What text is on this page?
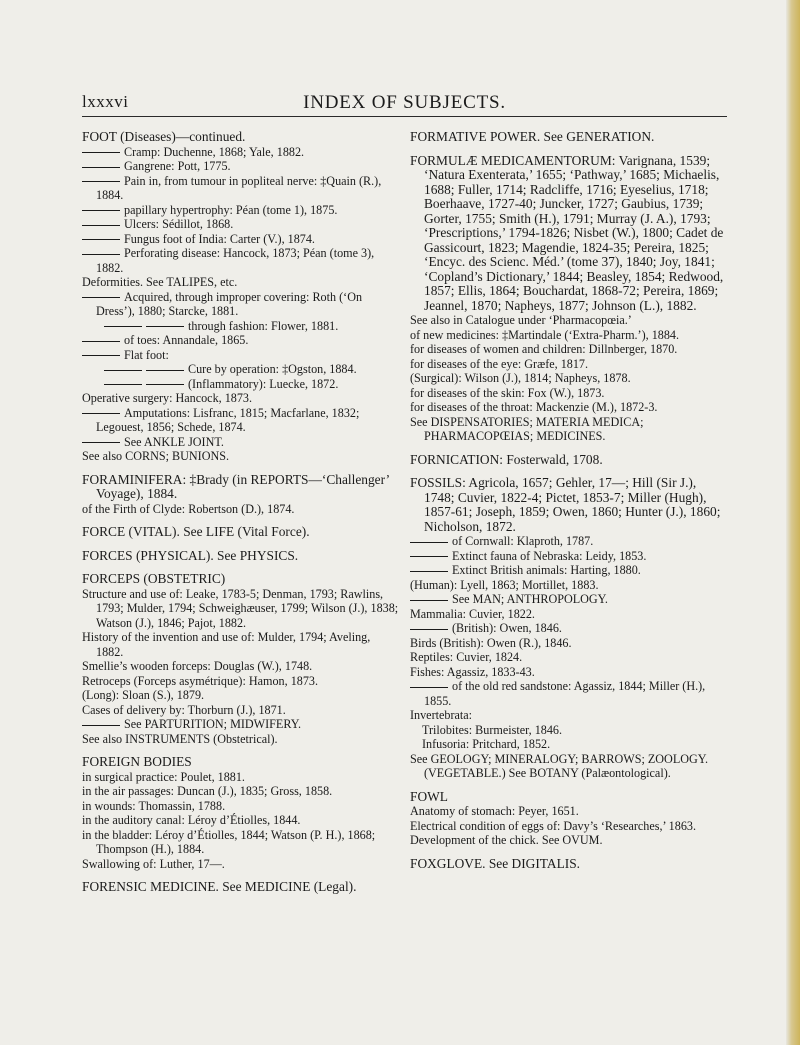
lxxxvi	INDEX OF SUBJECTS.
FOOT (Diseases)—continued.
Cramp: Duchenne, 1868; Yale, 1882.
Gangrene: Pott, 1775.
Pain in, from tumour in popliteal nerve: ‡Quain (R.), 1884.
papillary hypertrophy: Péan (tome 1), 1875.
Ulcers: Sédillot, 1868.
Fungus foot of India: Carter (V.), 1874.
Perforating disease: Hancock, 1873; Péan (tome 3), 1882.
Deformities. See TALIPES, etc.
Acquired, through improper covering: Roth (‘On Dress’), 1880; Starcke, 1881.
through fashion: Flower, 1881.
of toes: Annandale, 1865.
Flat foot:
Cure by operation: ‡Ogston, 1884.
(Inflammatory): Luecke, 1872.
Operative surgery: Hancock, 1873.
Amputations: Lisfranc, 1815; Macfarlane, 1832; Legouest, 1856; Schede, 1874.
See ANKLE JOINT.
See also CORNS; BUNIONS.
FORAMINIFERA: ‡Brady (in REPORTS—‘Challenger’ Voyage), 1884.
of the Firth of Clyde: Robertson (D.), 1874.
FORCE (VITAL). See LIFE (Vital Force).
FORCES (PHYSICAL). See PHYSICS.
FORCEPS (OBSTETRIC)
Structure and use of: Leake, 1783-5; Denman, 1793; Rawlins, 1793; Mulder, 1794; Schweighæuser, 1799; Wilson (J.), 1838; Watson (J.), 1846; Pajot, 1882.
History of the invention and use of: Mulder, 1794; Aveling, 1882.
Smellie’s wooden forceps: Douglas (W.), 1748.
Retroceps (Forceps asymétrique): Hamon, 1873.
(Long): Sloan (S.), 1879.
Cases of delivery by: Thorburn (J.), 1871.
See PARTURITION; MIDWIFERY.
See also INSTRUMENTS (Obstetrical).
FOREIGN BODIES
in surgical practice: Poulet, 1881.
in the air passages: Duncan (J.), 1835; Gross, 1858.
in wounds: Thomassin, 1788.
in the auditory canal: Léroy d’Étiolles, 1844.
in the bladder: Léroy d’Étiolles, 1844; Watson (P. H.), 1868; Thompson (H.), 1884.
Swallowing of: Luther, 17—.
FORENSIC MEDICINE. See MEDICINE (Legal).
FORMATIVE POWER. See GENERATION.
FORMULÆ MEDICAMENTORUM: Varignana, 1539; ‘Natura Exenterata,’ 1655; ‘Pathway,’ 1685; Michaelis, 1688; Fuller, 1714; Radcliffe, 1716; Eyeselius, 1718; Boerhaave, 1727-40; Juncker, 1727; Gaubius, 1739; Gorter, 1755; Smith (H.), 1791; Murray (J. A.), 1793; ‘Prescriptions,’ 1794-1826; Nisbet (W.), 1800; Cadet de Gassicourt, 1823; Magendie, 1824-35; Pereira, 1825; ‘Encyc. des Scienc. Méd.’ (tome 37), 1840; Joy, 1841; ‘Copland’s Dictionary,’ 1844; Beasley, 1854; Redwood, 1857; Ellis, 1864; Bouchardat, 1868-72; Pereira, 1869; Jeannel, 1870; Napheys, 1877; Johnson (L.), 1882.
See also in Catalogue under ‘Pharmacopœia.’
of new medicines: ‡Martindale (‘Extra-Pharm.’), 1884.
for diseases of women and children: Dillnberger, 1870.
for diseases of the eye: Græfe, 1817.
(Surgical): Wilson (J.), 1814; Napheys, 1878.
for diseases of the skin: Fox (W.), 1873.
for diseases of the throat: Mackenzie (M.), 1872-3.
See DISPENSATORIES; MATERIA MEDICA; PHARMACOPŒIAS; MEDICINES.
FORNICATION: Fosterwald, 1708.
FOSSILS: Agricola, 1657; Gehler, 17—; Hill (Sir J.), 1748; Cuvier, 1822-4; Pictet, 1853-7; Miller (Hugh), 1857-61; Joseph, 1859; Owen, 1860; Hunter (J.), 1860; Nicholson, 1872.
of Cornwall: Klaproth, 1787.
Extinct fauna of Nebraska: Leidy, 1853.
Extinct British animals: Harting, 1880.
(Human): Lyell, 1863; Mortillet, 1883.
See MAN; ANTHROPOLOGY.
Mammalia: Cuvier, 1822.
(British): Owen, 1846.
Birds (British): Owen (R.), 1846.
Reptiles: Cuvier, 1824.
Fishes: Agassiz, 1833-43.
of the old red sandstone: Agassiz, 1844; Miller (H.), 1855.
Invertebrata:
Trilobites: Burmeister, 1846.
Infusoria: Pritchard, 1852.
See GEOLOGY; MINERALOGY; BARROWS; ZOOLOGY. (VEGETABLE.) See BOTANY (Palæontological).
FOWL
Anatomy of stomach: Peyer, 1651.
Electrical condition of eggs of: Davy’s ‘Researches,’ 1863.
Development of the chick. See OVUM.
FOXGLOVE. See DIGITALIS.
